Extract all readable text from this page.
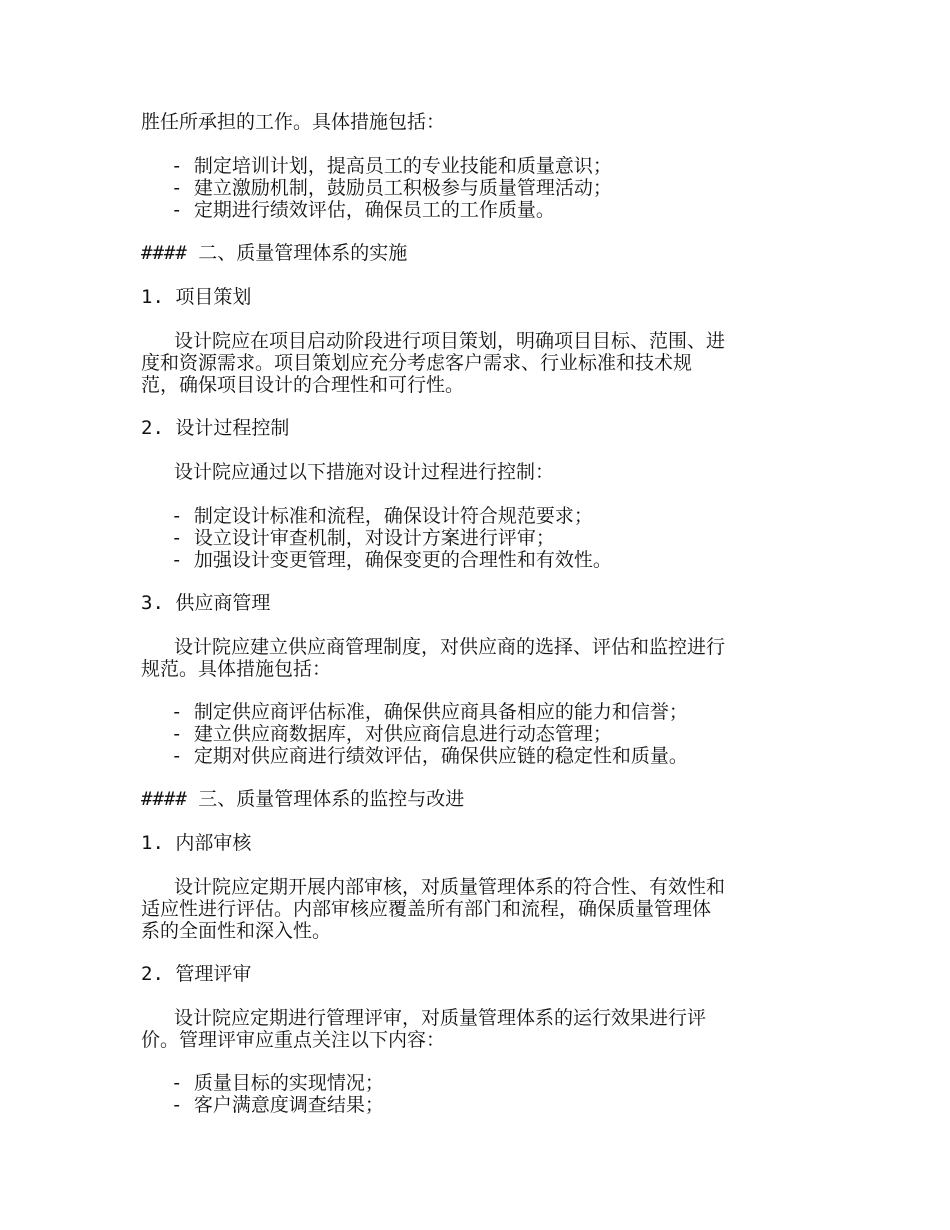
胜任所承担的工作。具体措施包括：
- 制定培训计划，提高员工的专业技能和质量意识；
- 建立激励机制，鼓励员工积极参与质量管理活动；
- 定期进行绩效评估，确保员工的工作质量。
#### 二、质量管理体系的实施
1. 项目策划
设计院应在项目启动阶段进行项目策划，明确项目目标、范围、进
度和资源需求。项目策划应充分考虑客户需求、行业标准和技术规
范，确保项目设计的合理性和可行性。
2. 设计过程控制
设计院应通过以下措施对设计过程进行控制：
- 制定设计标准和流程，确保设计符合规范要求；
- 设立设计审查机制，对设计方案进行评审；
- 加强设计变更管理，确保变更的合理性和有效性。
3. 供应商管理
设计院应建立供应商管理制度，对供应商的选择、评估和监控进行
规范。具体措施包括：
- 制定供应商评估标准，确保供应商具备相应的能力和信誉；
- 建立供应商数据库，对供应商信息进行动态管理；
- 定期对供应商进行绩效评估，确保供应链的稳定性和质量。
#### 三、质量管理体系的监控与改进
1. 内部审核
设计院应定期开展内部审核，对质量管理体系的符合性、有效性和
适应性进行评估。内部审核应覆盖所有部门和流程，确保质量管理体
系的全面性和深入性。
2. 管理评审
设计院应定期进行管理评审，对质量管理体系的运行效果进行评
价。管理评审应重点关注以下内容：
- 质量目标的实现情况；
- 客户满意度调查结果；
